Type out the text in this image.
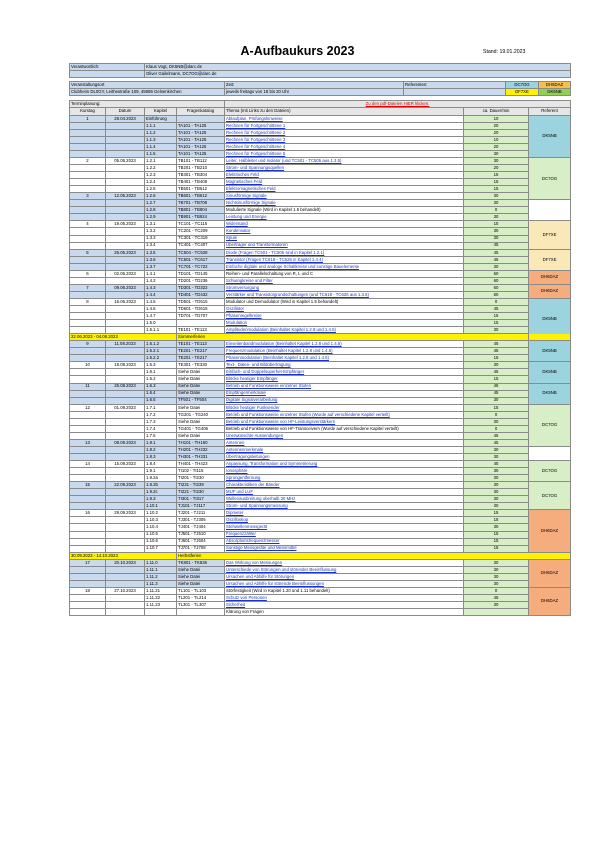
A-Aufbaukurs 2023	Stand: 19.01.2023
Verantwortlich:	Klaus Vogt, DK5NB@darc.de				
	Oliver Gailelmann, DC7OG@darc.de				

Veranstaltungsort		Zeit:	Referenten:	DC7OG	DH6DAZ
Clubheim DL0GY, Leithestraße 109, 45886 Gelsenkirchen		jeweils freitags von 18 bis 20 Uhr		DF7XE	DK5NB

Terminplanung:				Zu den pdf-Dateien HIER klicken.			
Kurstag	Datum	Kapitel	Fragenkatalog	Thema (mit Links zu den Dateien)	ca. Dauer/min	Referent	
1	28.04.2023	Einführung		Ablaufplan, Prüfungshinweise	10	DK5NB	
		1.1.1	TA101 - TA125	Rechnen für Fortgeschrittene 1	20		
		1.1.2	TA101 - TA125	Rechnen für Fortgeschrittene 2	20		
		1.1.3	TA101 - TA125	Rechnen für Fortgeschrittene 3	10		
		1.1.4	TA101 - TA125	Rechnen für Fortgeschrittene 4	20		
		1.1.5	TA101 - TA125	Rechnen für Fortgeschrittene 5	30		
2	05.05.2023	1.2.1	TB101 - TB112	Leiter, Halbleiter und Isolator (und TC501 - TC505 aus 1.3.5)	30	DC7OG	
		1.2.2	TB201 - TB210	Strom- und Spannungsquellen	20		
		1.2.3	TB301 - TB304	Elektrisches Feld	15		
		1.2.4	TB401 - TB408	Magnetisches Feld	15		
		1.2.5	TB501 - TB512	Elektromagnetisches Feld	15		
3	12.05.2023	1.2.6	TB601 - TB612	Sinusförmige Signale	30	
		1.2.7	TB701 - TB708	Nichtsinusförmige Signale	30		
		1.2.8	TB801 - TB804	Modulierte Signale (Wird in Kapitel 1.5 behandelt)	0		
		1.2.9	TB901 - TB924	Leistung und Energie	30		
4	19.05.2023	1.3.1	TC101 - TC115	Widerstand	15	DF7XE	
		1.3.2	TC201 - TC209	Kondensator	30		
		1.3.3	TC301 - TC319	Spule	30		
		1.3.4	TC401 - TC407	Übertrager und Transformatoren	45		
5	26.05.2023	1.3.5	TC504 - TC528	Diode (Fragen TC501 - TC505 sind in Kapitel 1.2.1)	45	DF7XE	
		1.3.6	TC601 - TC617	Transistor (Fragen TC618 - TC626 in Kapitel 1.4.4)	45		
		1.3.7	TC701 - TC722	Einfache digitale und analoge Schaltkreise und sonstige Bauelemente	30		
6	02.06.2023	1.4.1	TD101 - TD145	Reihen- und Parallelschaltung von R, L und C	60	DH6DAZ	
		1.4.2	TD201 - TD236	Schwingkreise und Filter	60		
7	09.06.2023	1.4.3	TD301 - TD322	Stromversorgung	60	DH6DAZ	
		1.4.4	TD401 - TD432	Verstärker und Transistorgrundschaltungen (und TC618 - TC626 aus 1.3.6)	60		
8	16.06.2023	1.4.5	TD501 - TD515	Modulator und Demodulator (Wird in Kapitel 1.5 behandelt)	0	DK5NB	
		1.4.6	TD601 - TD615	Oszillator	45		
		1.4.7	TD701 - TD707	Phasenregelkreise	15		
		1.5.0		Modulation	15		
		1.5.1.1	TE101 - TE113	Amplitudenmodulation (Beinhaltet Kapitel 1.2.8 und 1.4.5)	30		
22.06.2023 - 04.08.2023			Sommerferien				
9	11.08.2023	1.5.1.2	TE101 - TE113	Einseitenbandmodulation (Beinhaltet Kapitel 1.2.8 und 1.4.5)	45	DK5NB	
		1.5.2.1	TE201 - TE217	Frequenzmodulation (Beinhaltet Kapitel 1.2.8 und 1.4.5)	45		
		1.5.2.2	TE201 - TE217	Phasenmodulation (Beinhaltet Kapitel 1.2.8 und 1.4.5)	15		
10	18.08.2023	1.5.3	TE301 - TE330	Text-, Daten- und Bildübertragung	30	DK5NB	
		1.6.1	Siehe Datei	Einfach- und Doppelsuperhet-Empfänger	45		
		1.6.2	Siehe Datei	Blöcke heutiger Empfänger	15		
11	25.08.2023	1.6.3	Siehe Datei	Betrieb und Funktionsweise einzelner Stufen	45	DK5NB	
		1.6.4	Siehe Datei	Empfängermerkmale	45		
		1.6.5	TF501 - TF504	Digitale Signalverarbeitung	30		
12	01.09.2023	1.7.1	Siehe Datei	Blöcke heutiger Funksender	15	DC7OG	
		1.7.2	TG201 - TG240	Betrieb und Funktionsweise einzelner Stufen (Wurde auf verschiedene Kapitel verteilt)	0		
		1.7.3	Siehe Datei	Betrieb und Funktionsweise von HF-Leistungsverstärkern	30		
		1.7.4	TG401 - TG406	Betrieb und Funktionsweise von HF-Transceivern (Wurde auf verschiedene Kapitel verteilt)	0		
		1.7.5	Siehe Datei	Unerwünschte Aussendungen	45		
13	08.09.2023	1.8.1	TH101 - TH160	Antennen	45	
		1.8.2	TH201 - TH232	Antennenmerkmale	30		
		1.8.3	TH301 - TH331	Übertragungsleitungen	30		
14	15.09.2023	1.8.4	TH401 - TH423	Anpassung, Transformation und Symmetrierung	45	DC7OG	
		1.9.1	TI102 - TI115	Ionosphäre	30		
		1.9.2a	TI201 - TI230	Sprungentfernung	30		
15	22.09.2023	1.9.2b	TI231 - TI239	Charakteristiken der Bänder	30	DC7OG	
		1.9.2c	TI221 - TI230	MUF und LUF	30		
		1.9.3	TI301 - TI317	Wellenausbreitung oberhalb 30 MHz	30		
		1.10.1	TJ101 - TJ117	Strom- und Spannungsmessung	30		
16	29.09.2023	1.10.2	TJ201 - TJ211	Dipmeter	15	DH6DAZ	
		1.10.3	TJ301 - TJ305	Oszilloskop	15		
		1.10.4	TJ401 - TJ404	Stehwellenmessgerät	30		
		1.10.5	TJ501 - TJ510	Frequenzzähler	15		
		1.10.6	TJ601 - TJ604	Absorptionsfrequenzmesser	15		
		1.10.7	TJ701 - TJ708	Sonstige Messgeräte und Messmittel	15		
30.09.2023 - 14.10.2023			Herbstferien				
17	20.10.2023	1.11.0	TK801 - TK836	Das Wirkung von Messungen	30	DH6DAZ	
		1.11.1	Siehe Datei	Unterschiede von Störungen und störender Beeinflussung	30		
		1.11.2	Siehe Datei	Ursachen und Abhilfe für Störungen	30		
		1.11.3	Siehe Datei	Ursachen und Abhilfe für störende Beeinflussungen	30		
18	27.10.2023	1.11.21	TL101 - TL103	Störfestigkeit (Wird in Kapitel 1.20 und 1.11 behandelt)	0	DH6DAZ	
		1.11.22	TL201 - TL214	Schutz von Personen	45		
		1.11.23	TL301 - TL307	Sicherheit	30		
				Klärung von Fragen			
